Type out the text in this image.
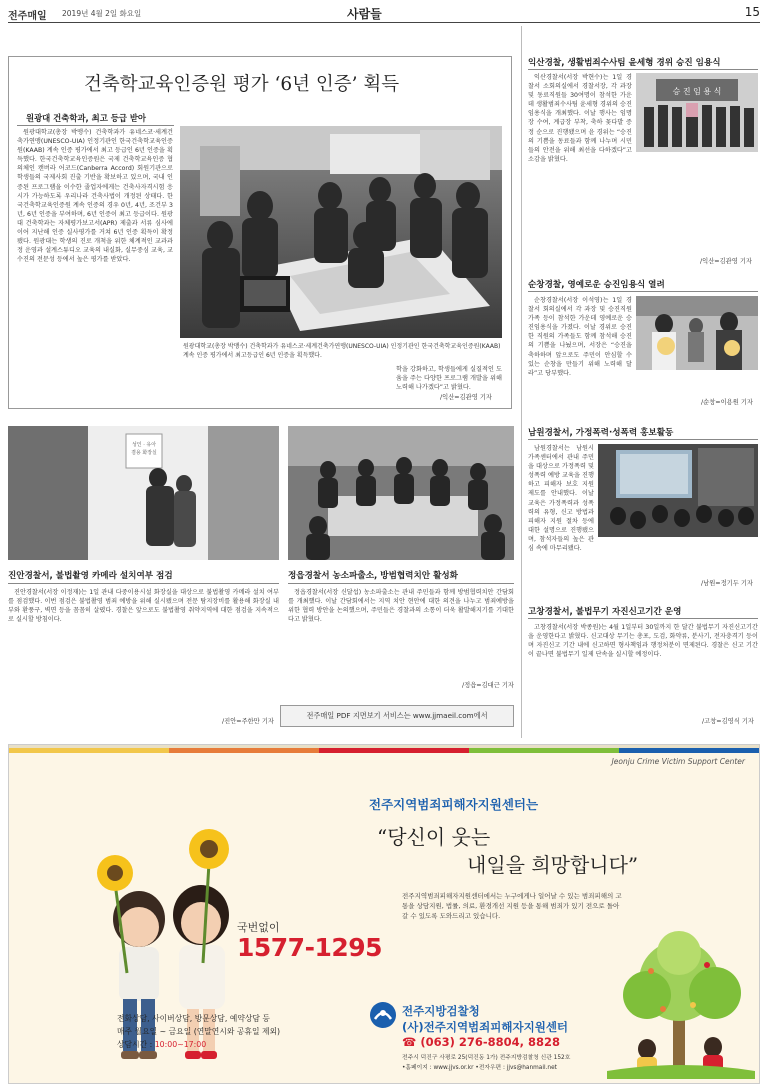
전주매일 2019년 4월 2일 화요일	사람들	15
건축학교육인증원 평가 ‘6년 인증’ 획득
원광대 건축학과, 최고 등급 받아
원광대학교(총장 박맹수) 건축학과가 유네스코·세계건축가연맹(UNESCO-UIA) 인정기관인 한국건축학교육인증원(KAAB) 계속 인증 평가에서 최고 등급인 6년 인증을 획득했다. 한국건축학교육인증원은 국제 건축학교육인증 협의체인 캔버라 어코드(Canberra Accord) 회원기관으로 학생들의 국제사회 진출 기반을 확보하고 있으며, 국내 인증된 프로그램을 이수한 졸업자에게는 건축사자격시험 응시가 가능하도록 우리나라 건축사법이 개정된 상태다. 한국건축학교육인증원 계속 인증의 경우 0년, 4년, 조건부 3년, 6년 인증을 부여하며, 6년 인증이 최고 등급이다. 원광대 건축학과는 자체평가보고서(APR) 제출과 서류 심사에 이어 지난해 인증 실사평가를 거쳐 6년 인증 획득이 확정됐다. 원광대는 학생의 진로 개척을 위한 체계적인 교과과정 운영과 설계스튜디오 교육의 내실화, 실무중심 교육, 교수진의 전문성 등에서 높은 평가를 받았다.
원광대학교(총장 박맹수) 건축학과가 유네스코·세계건축가연맹(UNESCO-UIA) 인정기관인 한국건축학교육인증원(KAAB) 계속 인증 평가에서 최고등급인 6년 인증을 획득했다.
학을 강화하고, 학생들에게 실질적인 도움을 주는 다양한 프로그램 개발을 위해 노력해 나가겠다”고 밝혔다.
/익산=김관영 기자
익산경찰, 생활범죄수사팀 윤세형 경위 승진 임용식
승 진 임 용 식
익산경찰서(서장 박현수)는 1일 경찰서 소회의실에서 경찰서장, 각 과장 및 동료직원들 30여명이 참석한 가운데 생활범죄수사팀 윤세형 경위의 승진 임용식을 개최했다. 이날 행사는 임명장 수여, 계급장 부착, 축하 꽃다발 증정 순으로 진행됐으며 윤 경위는 “승진의 기쁨을 동료들과 함께 나누며 시민들의 안전을 위해 최선을 다하겠다”고 소감을 밝혔다.
/익산=김관영 기자
순창경찰, 영예로운 승진임용식 열려
순창경찰서(서장 이석영)는 1일 경찰서 회의실에서 각 과장 및 승진직원 가족 등이 참석한 가운데 영예로운 승진임용식을 가졌다. 이날 경위로 승진한 직원의 가족들도 함께 참석해 승진의 기쁨을 나눴으며, 서장은 “승진을 축하하며 앞으로도 주민이 안심할 수 있는 순창을 만들기 위해 노력해 달라”고 당부했다.
/순창=이용원 기자
남원경찰서, 가정폭력·성폭력 홍보활동
남원경찰서는 남원시가족센터에서 관내 주민을 대상으로 가정폭력 및 성폭력 예방 교육을 진행하고 피해자 보호 지원 제도를 안내했다. 이날 교육은 가정폭력과 성폭력의 유형, 신고 방법과 피해자 지원 절차 등에 대한 설명으로 진행됐으며, 참석자들의 높은 관심 속에 마무리됐다.
/남원=정기두 기자
고창경찰서, 불법무기 자진신고기간 운영
고창경찰서(서장 박종원)는 4월 1일부터 30일까지 한 달간 불법무기 자진신고기간을 운영한다고 밝혔다. 신고대상 무기는 총포, 도검, 화약류, 분사기, 전자충격기 등이며 자진신고 기간 내에 신고하면 형사책임과 행정처분이 면제된다. 경찰은 신고 기간이 끝나면 불법무기 일제 단속을 실시할 예정이다.
/고창=김영식 기자
성인 · 유아
겸용 화장실
진안경찰서, 불법촬영 카메라 설치여부 점검
진안경찰서(서장 이정재)는 1일 관내 다중이용시설 화장실을 대상으로 불법촬영 카메라 설치 여부를 점검했다. 이번 점검은 불법촬영 범죄 예방을 위해 실시됐으며 전문 탐지장비를 활용해 화장실 내부와 환풍구, 벽면 등을 꼼꼼히 살폈다. 경찰은 앞으로도 불법촬영 취약지역에 대한 점검을 지속적으로 실시할 방침이다.
/진안=주한만 기자
정읍경찰서 농소파출소, 방범협력치안 활성화
정읍경찰서(서장 신달섭) 농소파출소는 관내 주민들과 함께 방범협력치안 간담회를 개최했다. 이날 간담회에서는 지역 치안 현안에 대한 의견을 나누고 범죄예방을 위한 협력 방안을 논의했으며, 주민들은 경찰과의 소통이 더욱 활발해지기를 기대한다고 밝혔다.
/정읍=김대근 기자
전주매일 PDF 지면보기 서비스는 www.jjmaeil.com에서
Jeonju Crime Victim Support Center
국번없이
1577-1295
전주지역범죄피해자지원센터는
“당신이 웃는
내일을 희망합니다”
전주지역범죄피해자지원센터에서는 누구에게나 일어날 수 있는 범죄피해의 고통을 상담지원, 법률, 의료, 환경개선 지원 등을 통해 범죄가 있기 전으로 돌아갈 수 있도록 도와드리고 있습니다.
전화상담, 사이버상담, 방문상담, 예약상담 등
매주 월요일 ~ 금요일 (연말연시와 공휴일 제외)
상담시간 : 10:00~17:00
전주지방검찰청
(사)전주지역범죄피해자지원센터
☎ (063) 276-8804, 8828
전주시 덕진구 사평로 25(덕진동 1가) 전주지방검찰청 신관 152호
•홈페이지 : www.jjvs.or.kr •전자우편 : jjvs@hanmail.net
